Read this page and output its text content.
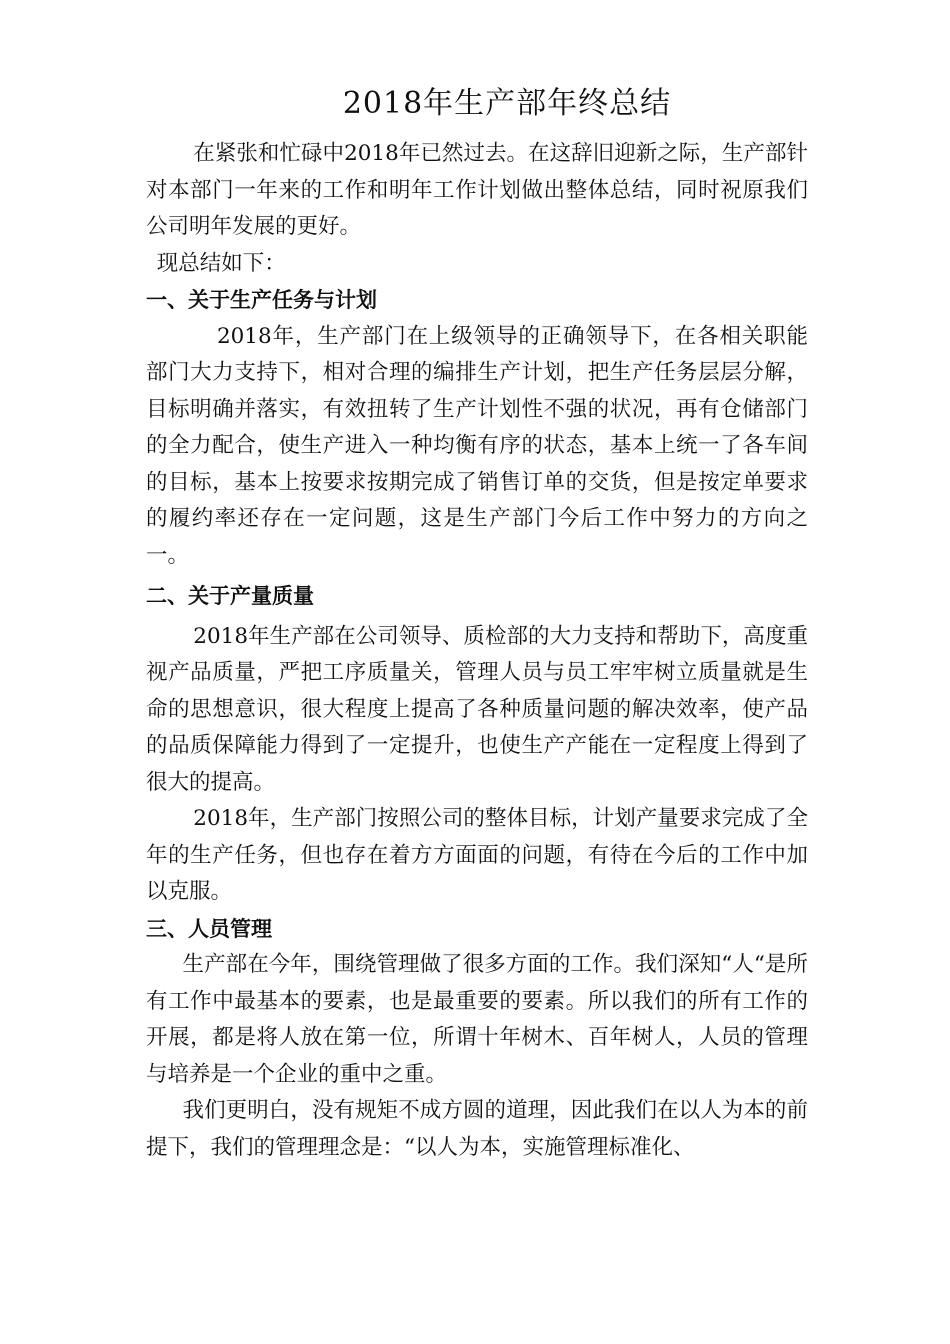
2018年生产部年终总结

在紧张和忙碌中2018年已然过去。在这辞旧迎新之际，生产部针对本部门一年来的工作和明年工作计划做出整体总结，同时祝原我们公司明年发展的更好。

现总结如下：

一、关于生产任务与计划

2018年，生产部门在上级领导的正确领导下，在各相关职能部门大力支持下，相对合理的编排生产计划，把生产任务层层分解，目标明确并落实，有效扭转了生产计划性不强的状况，再有仓储部门的全力配合，使生产进入一种均衡有序的状态，基本上统一了各车间的目标，基本上按要求按期完成了销售订单的交货，但是按定单要求的履约率还存在一定问题，这是生产部门今后工作中努力的方向之一。

二、关于产量质量

2018年生产部在公司领导、质检部的大力支持和帮助下，高度重视产品质量，严把工序质量关，管理人员与员工牢牢树立质量就是生命的思想意识，很大程度上提高了各种质量问题的解决效率，使产品的品质保障能力得到了一定提升，也使生产产能在一定程度上得到了很大的提高。

2018年，生产部门按照公司的整体目标，计划产量要求完成了全年的生产任务，但也存在着方方面面的问题，有待在今后的工作中加以克服。

三、人员管理

生产部在今年，围绕管理做了很多方面的工作。我们深知“人“是所有工作中最基本的要素，也是最重要的要素。所以我们的所有工作的开展，都是将人放在第一位，所谓十年树木、百年树人，人员的管理与培养是一个企业的重中之重。

我们更明白，没有规矩不成方圆的道理，因此我们在以人为本的前提下，我们的管理理念是：“以人为本，实施管理标准化、
